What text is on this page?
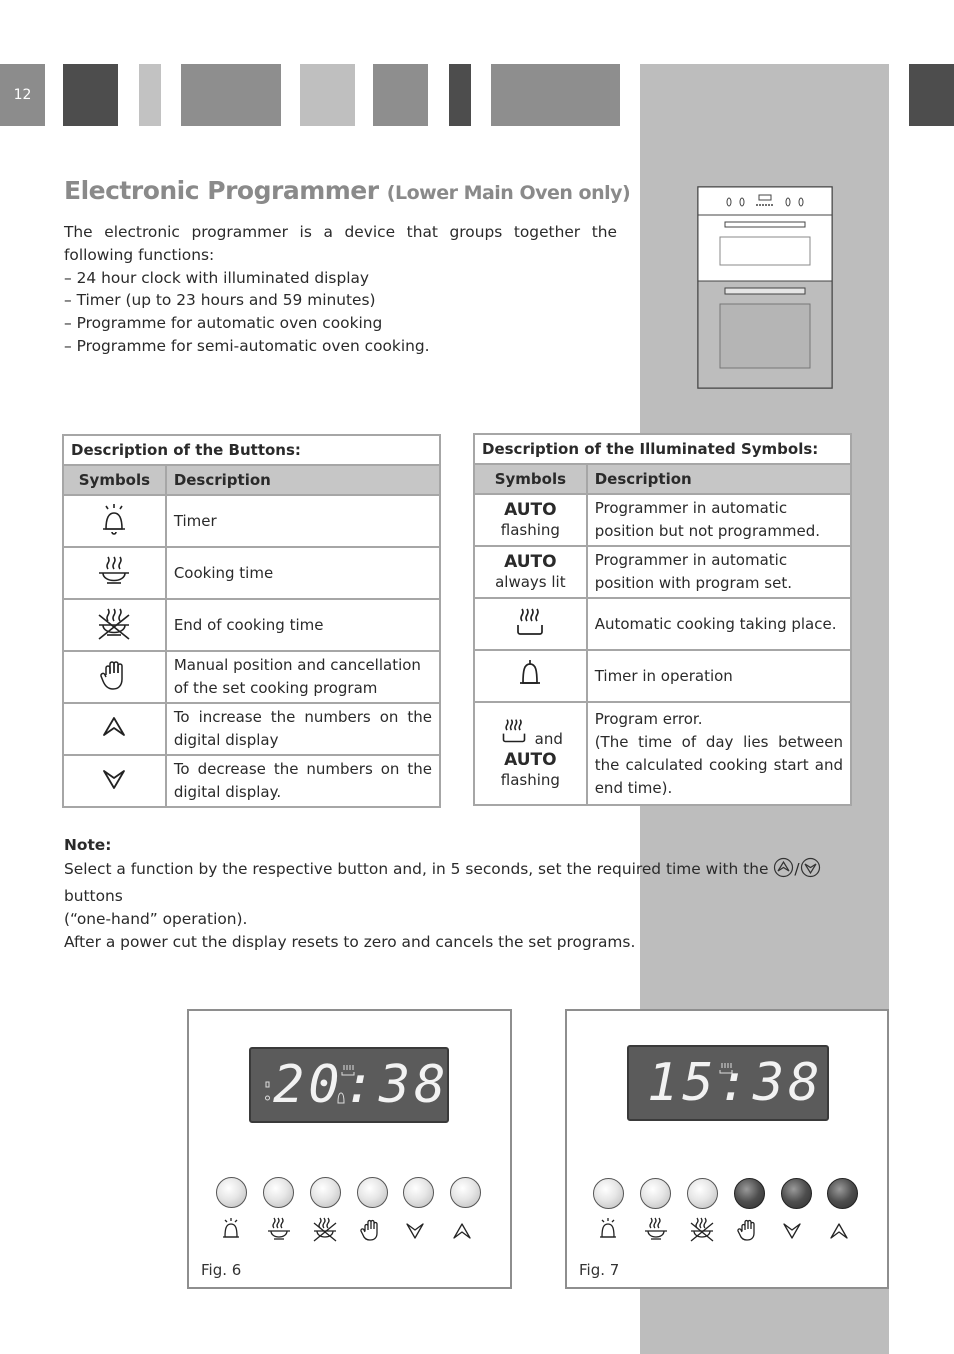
12
Electronic Programmer (Lower Main Oven only)

The electronic programmer is a device that groups together the following functions:

– 24 hour clock with illuminated display
– Timer (up to 23 hours and 59 minutes)
– Programme for automatic oven cooking
– Programme for semi-automatic oven cooking.
Description of the Buttons:	
Symbols	Description
	Timer
	Cooking time
	End of cooking time
	Manual position and cancellation of the set cooking program
	To increase the numbers on the digital display
	To decrease the numbers on the digital display.
Description of the Illuminated Symbols:	
Symbols	Description

AUTO
flashing	Programmer in automatic position but not programmed.

AUTO
always lit	Programmer in automatic position with program set.
	Automatic cooking taking place.
	Timer in operation
and
AUTO
flashing	Program error.
(The time of day lies between the calculated cooking start and end time).

Note:

Select a function by the respective button and, in 5 seconds, set the required time with the / buttons

(“one-hand” operation).

After a power cut the display resets to zero and cancels the set programs.

20:38
Fig. 6
15:38
Fig. 7
